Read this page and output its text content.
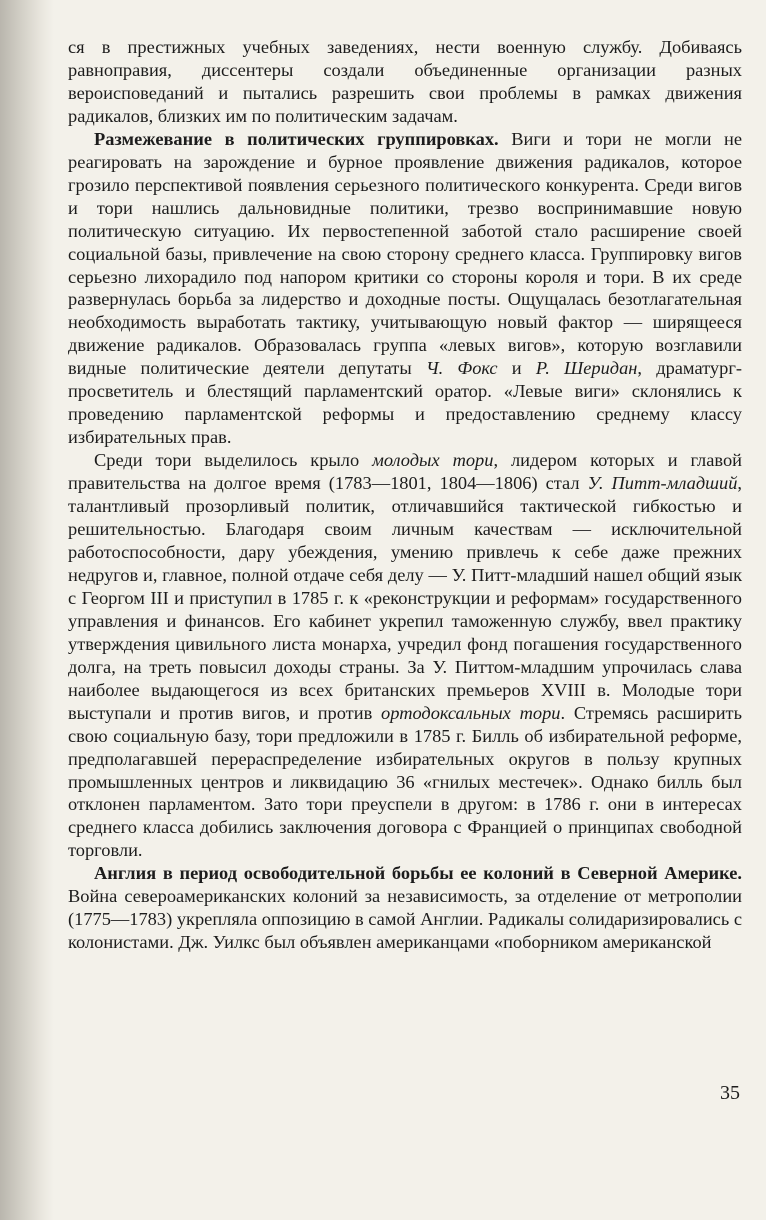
ся в престижных учебных заведениях, нести военную службу. Добиваясь равноправия, диссентеры создали объединенные организации разных вероисповеданий и пытались разрешить свои проблемы в рамках движения радикалов, близких им по политическим задачам.

Размежевание в политических группировках. Виги и тори не могли не реагировать на зарождение и бурное проявление движения радикалов, которое грозило перспективой появления серьезного политического конкурента. Среди вигов и тори нашлись дальновидные политики, трезво воспринимавшие новую политическую ситуацию. Их первостепенной заботой стало расширение своей социальной базы, привлечение на свою сторону среднего класса. Группировку вигов серьезно лихорадило под напором критики со стороны короля и тори. В их среде развернулась борьба за лидерство и доходные посты. Ощущалась безотлагательная необходимость выработать тактику, учитывающую новый фактор — ширящееся движение радикалов. Образовалась группа «левых вигов», которую возглавили видные политические деятели депутаты Ч. Фокс и Р. Шеридан, драматург-просветитель и блестящий парламентский оратор. «Левые виги» склонялись к проведению парламентской реформы и предоставлению среднему классу избирательных прав.

Среди тори выделилось крыло молодых тори, лидером которых и главой правительства на долгое время (1783—1801, 1804—1806) стал У. Питт-младший, талантливый прозорливый политик, отличавшийся тактической гибкостью и решительностью. Благодаря своим личным качествам — исключительной работоспособности, дару убеждения, умению привлечь к себе даже прежних недругов и, главное, полной отдаче себя делу — У. Питт-младший нашел общий язык с Георгом III и приступил в 1785 г. к «реконструкции и реформам» государственного управления и финансов. Его кабинет укрепил таможенную службу, ввел практику утверждения цивильного листа монарха, учредил фонд погашения государственного долга, на треть повысил доходы страны. За У. Питтом-младшим упрочилась слава наиболее выдающегося из всех британских премьеров XVIII в. Молодые тори выступали и против вигов, и против ортодоксальных тори. Стремясь расширить свою социальную базу, тори предложили в 1785 г. Билль об избирательной реформе, предполагавшей перераспределение избирательных округов в пользу крупных промышленных центров и ликвидацию 36 «гнилых местечек». Однако билль был отклонен парламентом. Зато тори преуспели в другом: в 1786 г. они в интересах среднего класса добились заключения договора с Францией о принципах свободной торговли.

Англия в период освободительной борьбы ее колоний в Северной Америке. Война североамериканских колоний за независимость, за отделение от метрополии (1775—1783) укрепляла оппозицию в самой Англии. Радикалы солидаризировались с колонистами. Дж. Уилкс был объявлен американцами «поборником американской

35
